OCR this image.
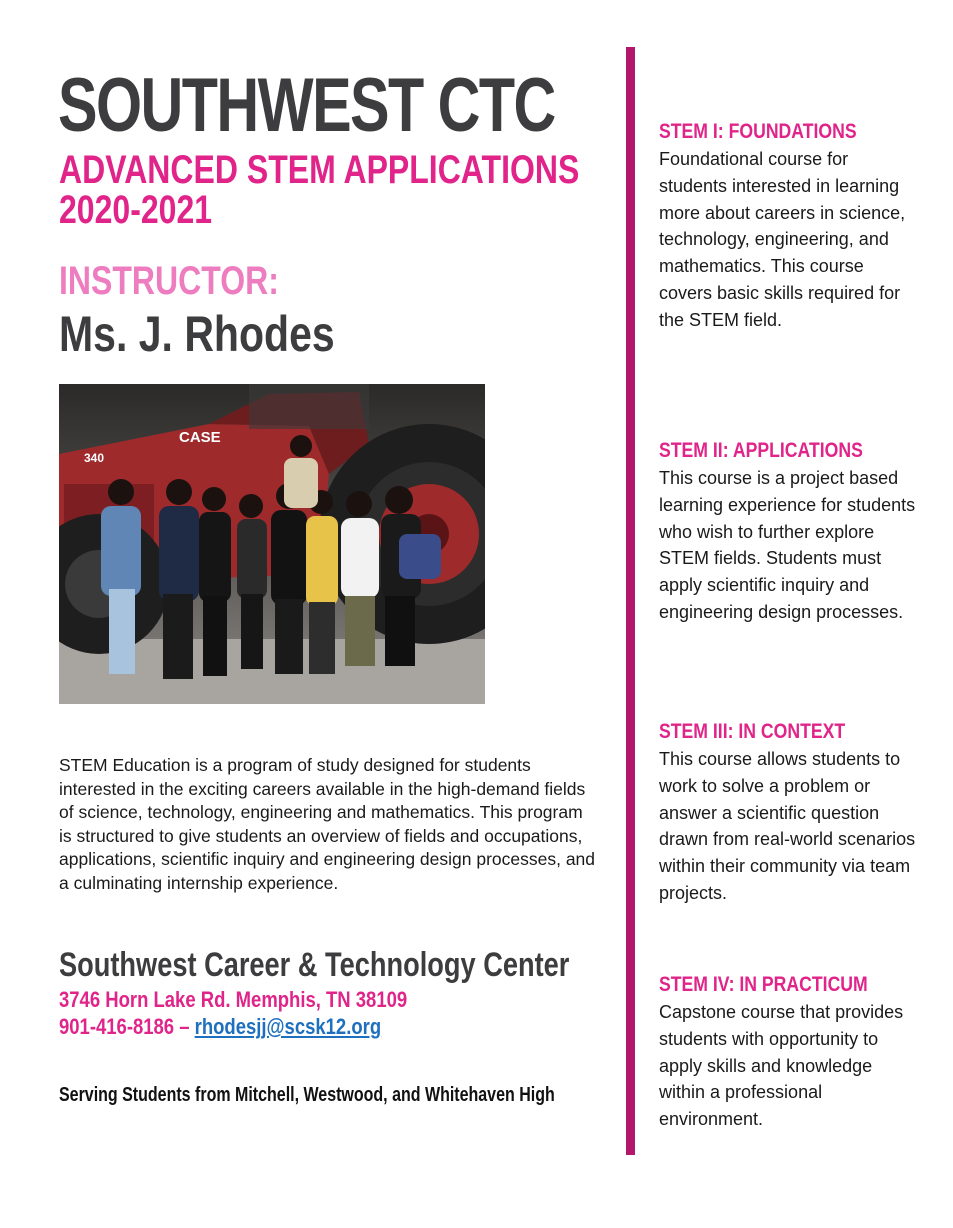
SOUTHWEST CTC
ADVANCED STEM APPLICATIONS
2020-2021
INSTRUCTOR:
Ms. J. Rhodes
CASE
340

STEM Education is a program of study designed for students interested in the exciting careers available in the high-demand fields of science, technology, engineering and mathematics. This program is structured to give students an overview of fields and occupations, applications, scientific inquiry and engineering design processes, and a culminating internship experience.

Southwest Career & Technology Center
3746 Horn Lake Rd. Memphis, TN 38109
901-416-8186 – rhodesjj@scsk12.org
Serving Students from Mitchell, Westwood, and Whitehaven High
STEM I: FOUNDATIONS

Foundational course for students interested in learning more about careers in science, technology, engineering, and mathematics. This course covers basic skills required for the STEM field.

STEM II: APPLICATIONS

This course is a project based learning experience for students who wish to further explore STEM fields. Students must apply scientific inquiry and engineering design processes.

STEM III: IN CONTEXT

This course allows students to work to solve a problem or answer a scientific question drawn from real-world scenarios within their community via team projects.

STEM IV: IN PRACTICUM

Capstone course that provides students with opportunity to apply skills and knowledge within a professional environment.
